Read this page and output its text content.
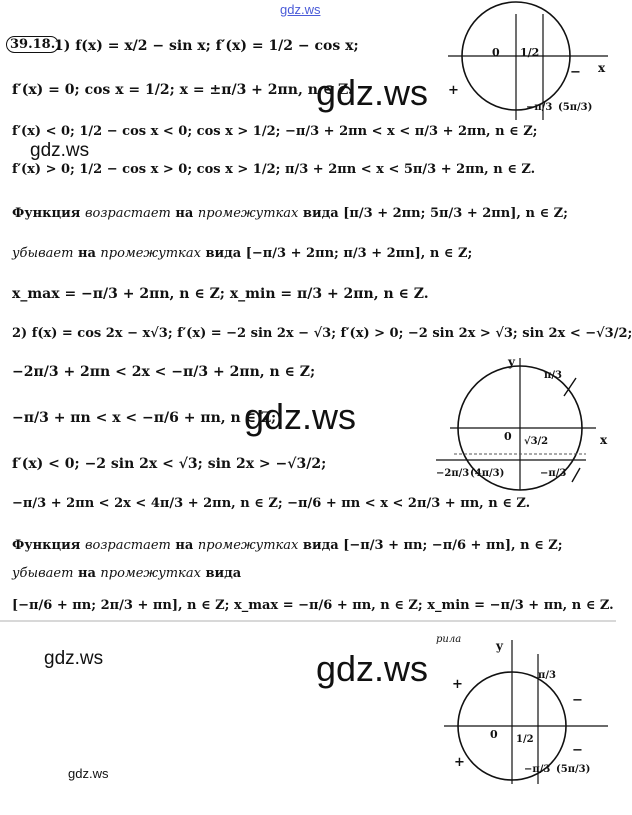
gdz.ws
gdz.ws
gdz.ws
gdz.ws
gdz.ws	gdz.ws
gdz.ws
39.18.
1) f(x) = x/2 − sin x; f′(x) = 1/2 − cos x;
f′(x) = 0; cos x = 1/2; x = ±π/3 + 2πn, n ∈ Z.
f′(x) < 0; 1/2 − cos x < 0; cos x > 1/2; −π/3 + 2πn < x < π/3 + 2πn, n ∈ Z;
f′(x) > 0; 1/2 − cos x > 0; cos x > 1/2; π/3 + 2πn < x < 5π/3 + 2πn, n ∈ Z.
Функция возрастает на промежутках вида [π/3 + 2πn; 5π/3 + 2πn], n ∈ Z;
убывает на промежутках вида [−π/3 + 2πn; π/3 + 2πn], n ∈ Z;
x_max = −π/3 + 2πn, n ∈ Z; x_min = π/3 + 2πn, n ∈ Z.
2) f(x) = cos 2x − x√3; f′(x) = −2 sin 2x − √3; f′(x) > 0; −2 sin 2x > √3; sin 2x < −√3/2;
−2π/3 + 2πn < 2x < −π/3 + 2πn, n ∈ Z;
−π/3 + πn < x < −π/6 + πn, n ∈ Z;
f′(x) < 0; −2 sin 2x < √3; sin 2x > −√3/2;
−π/3 + 2πn < 2x < 4π/3 + 2πn, n ∈ Z; −π/6 + πn < x < 2π/3 + πn, n ∈ Z.
Функция возрастает на промежутках вида [−π/3 + πn; −π/6 + πn], n ∈ Z;
убывает на промежутках вида
[−π/6 + πn; 2π/3 + πn], n ∈ Z; x_max = −π/6 + πn, n ∈ Z; x_min = −π/3 + πn, n ∈ Z.
0 1/2
x
+
−
−π/3 (5π/3)
y
x
0
π/3
√3/2
−2π/3 (4π/3)	−π/3
рила	y
0
π/3
1/2
+
+
−
−
−π/3 (5π/3)
